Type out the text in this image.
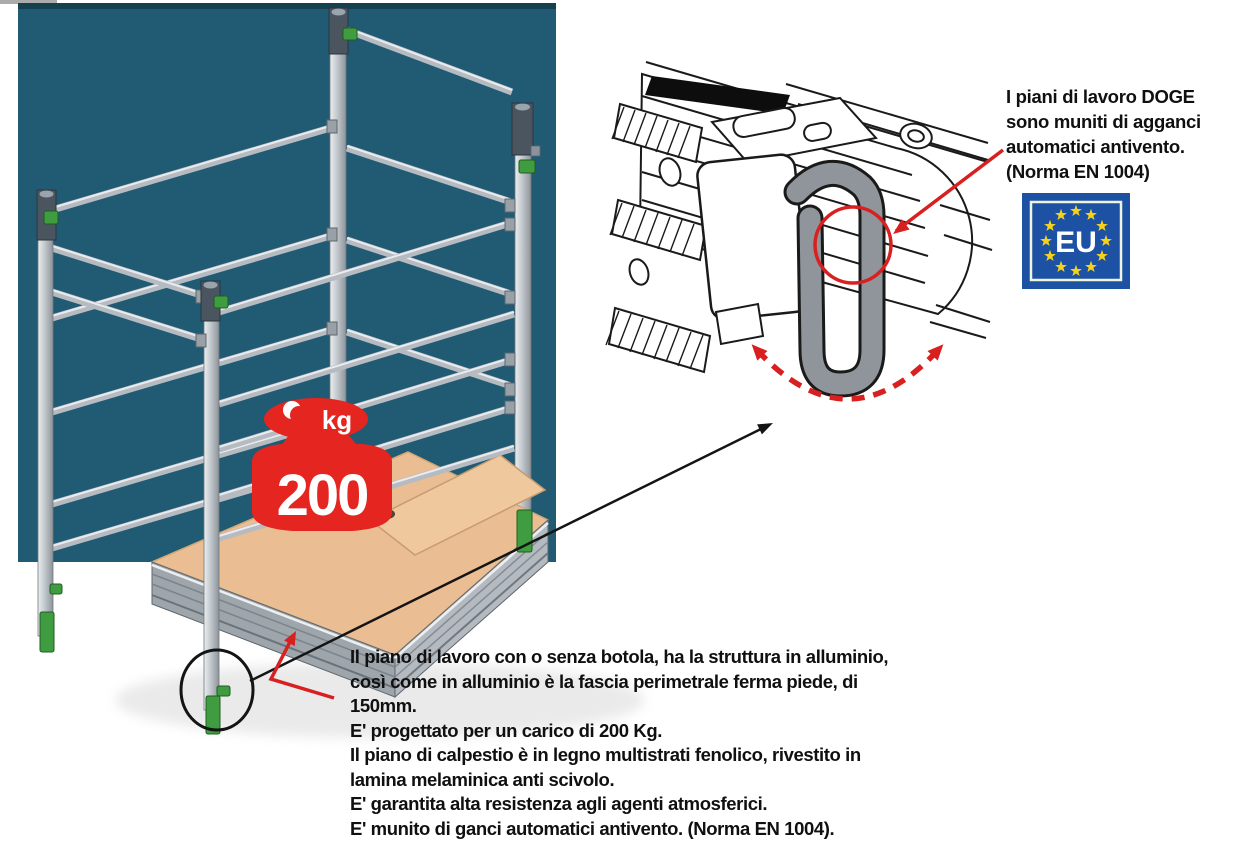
kg
200
EU
I piani di lavoro DOGE
sono muniti di agganci
automatici antivento.
(Norma EN 1004)
Il piano di lavoro con o senza botola, ha la struttura in alluminio,
così come in alluminio è la fascia perimetrale ferma piede, di
150mm.
E' progettato per un carico di 200 Kg.
Il piano di calpestio è in legno multistrati fenolico, rivestito in
lamina melaminica anti scivolo.
E' garantita alta resistenza agli agenti atmosferici.
E' munito di ganci automatici antivento. (Norma EN 1004).
